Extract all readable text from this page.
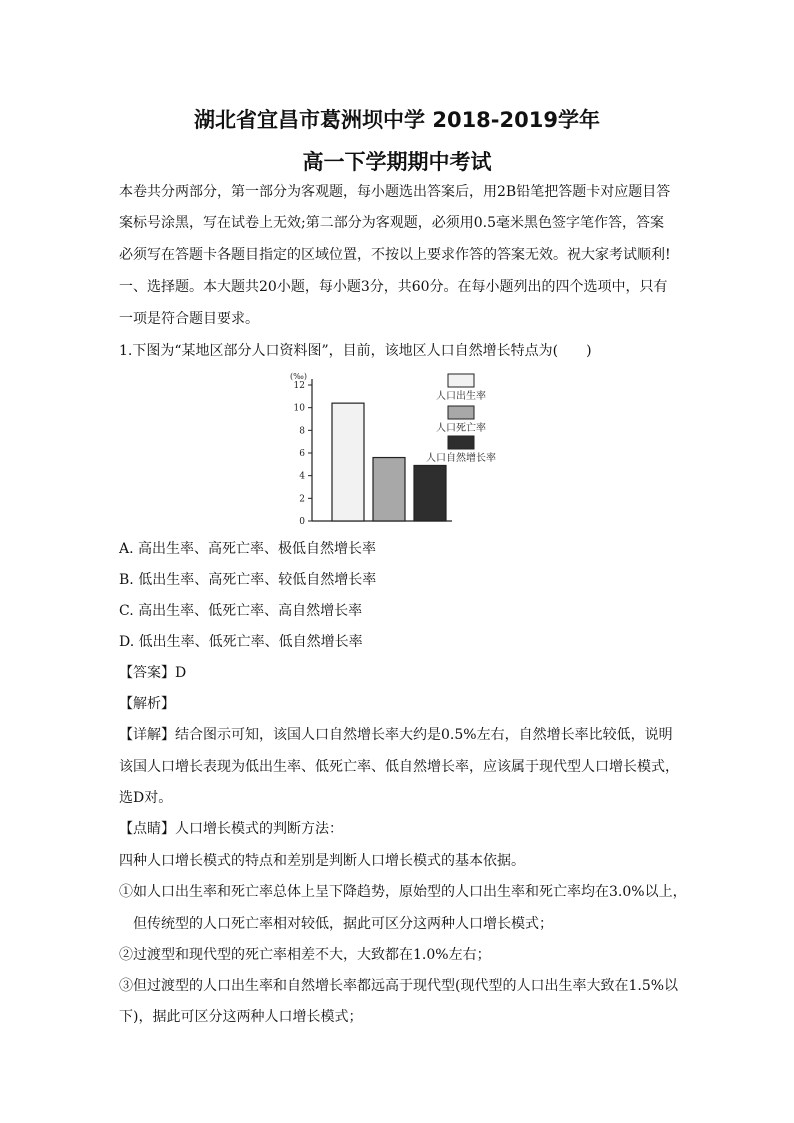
湖北省宜昌市葛洲坝中学 2018-2019学年
高一下学期期中考试
本卷共分两部分，第一部分为客观题，每小题选出答案后，用2B铅笔把答题卡对应题目答
案标号涂黑，写在试卷上无效;第二部分为客观题，必须用0.5毫米黑色签字笔作答，答案
必须写在答题卡各题目指定的区域位置，不按以上要求作答的答案无效。祝大家考试顺利!
一、选择题。本大题共20小题，每小题3分，共60分。在每小题列出的四个选项中，只有
一项是符合题目要求。
1.下图为“某地区部分人口资料图”，目前，该地区人口自然增长特点为(　　)
(‰)
0
2
4
6
8
10
12
人口出生率
人口死亡率
人口自然增长率
A. 高出生率、高死亡率、极低自然增长率
B. 低出生率、高死亡率、较低自然增长率
C. 高出生率、低死亡率、高自然增长率
D. 低出生率、低死亡率、低自然增长率
【答案】D
【解析】
【详解】结合图示可知，该国人口自然增长率大约是0.5%左右，自然增长率比较低，说明
该国人口增长表现为低出生率、低死亡率、低自然增长率，应该属于现代型人口增长模式，
选D对。
【点睛】人口增长模式的判断方法：
四种人口增长模式的特点和差别是判断人口增长模式的基本依据。
①如人口出生率和死亡率总体上呈下降趋势，原始型的人口出生率和死亡率均在3.0%以上，
　但传统型的人口死亡率相对较低，据此可区分这两种人口增长模式；
②过渡型和现代型的死亡率相差不大，大致都在1.0%左右；
③但过渡型的人口出生率和自然增长率都远高于现代型(现代型的人口出生率大致在1.5%以
下)，据此可区分这两种人口增长模式；
